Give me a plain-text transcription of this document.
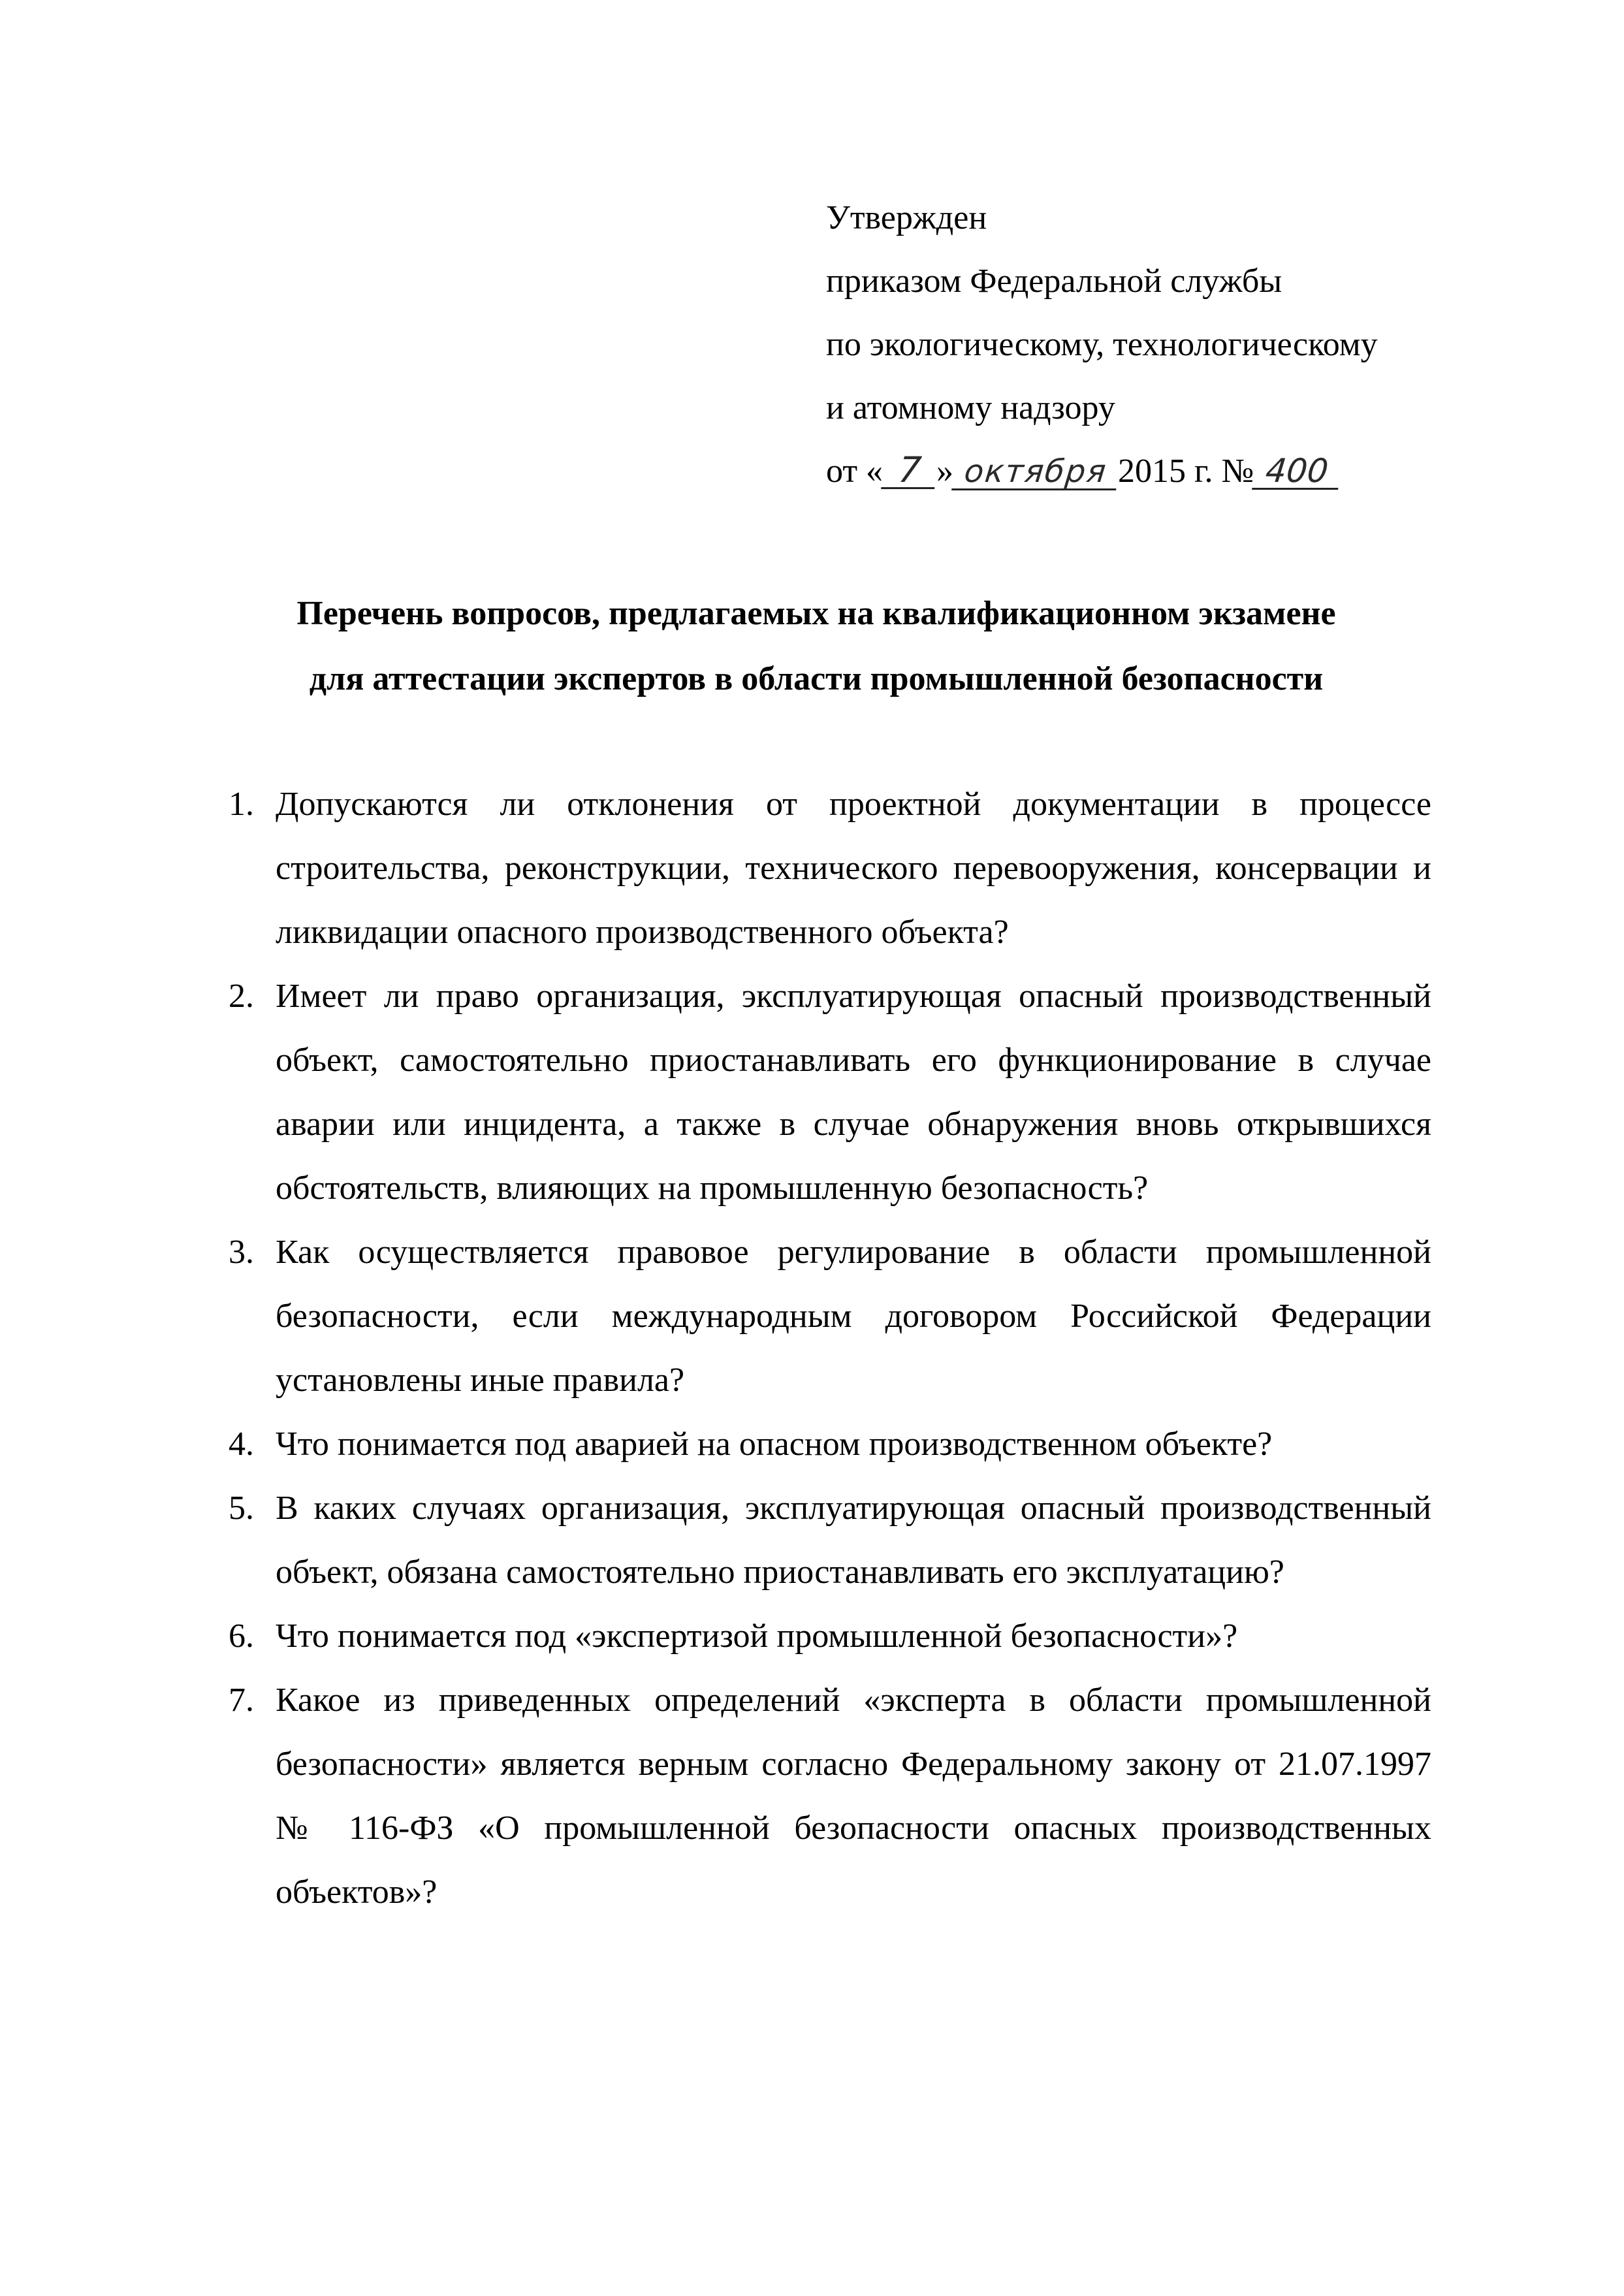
Утвержден
приказом Федеральной службы
по экологическому, технологическому
и атомному надзору
от « 7 » октября 2015 г. № 400
Перечень вопросов, предлагаемых на квалификационном экзамене
для аттестации экспертов в области промышленной безопасности
1. Допускаются ли отклонения от проектной документации в процессе строительства, реконструкции, технического перевооружения, консервации и ликвидации опасного производственного объекта?
2. Имеет ли право организация, эксплуатирующая опасный производственный объект, самостоятельно приостанавливать его функционирование в случае аварии или инцидента, а также в случае обнаружения вновь открывшихся обстоятельств, влияющих на промышленную безопасность?
3. Как осуществляется правовое регулирование в области промышленной безопасности, если международным договором Российской Федерации установлены иные правила?
4. Что понимается под аварией на опасном производственном объекте?
5. В каких случаях организация, эксплуатирующая опасный производственный объект, обязана самостоятельно приостанавливать его эксплуатацию?
6. Что понимается под «экспертизой промышленной безопасности»?
7. Какое из приведенных определений «эксперта в области промышленной безопасности» является верным согласно Федеральному закону от 21.07.1997 № 116-ФЗ «О промышленной безопасности опасных производственных объектов»?
